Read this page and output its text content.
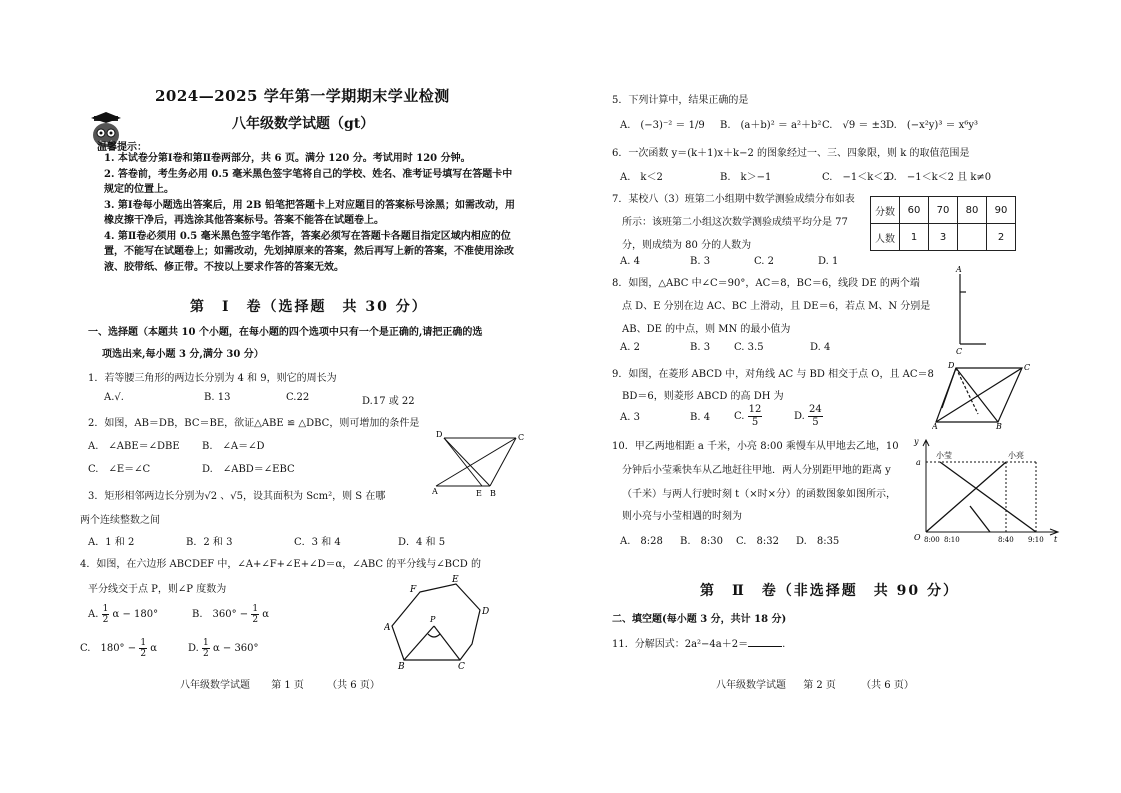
2024—2025 学年第一学期期末学业检测
八年级数学试题（gt）
温馨提示：
1. 本试卷分第Ⅰ卷和第Ⅱ卷两部分，共 6 页。满分 120 分。考试用时 120 分钟。
2. 答卷前，考生务必用 0.5 毫米黑色签字笔将自己的学校、姓名、准考证号填写在答题卡中规定的位置上。
3. 第Ⅰ卷每小题选出答案后，用 2B 铅笔把答题卡上对应题目的答案标号涂黑；如需改动，用橡皮擦干净后，再选涂其他答案标号。答案不能答在试题卷上。
4. 第Ⅱ卷必须用 0.5 毫米黑色签字笔作答，答案必须写在答题卡各题目指定区域内相应的位置，不能写在试题卷上；如需改动，先划掉原来的答案，然后再写上新的答案，不准使用涂改液、胶带纸、修正带。不按以上要求作答的答案无效。
第　Ⅰ　卷（选择题　共 30 分）
一、选择题（本题共 10 个小题，在每小题的四个选项中只有一个是正确的,请把正确的选
项选出来,每小题 3 分,满分 30 分）
1．若等腰三角形的两边长分别为 4 和 9，则它的周长为
A.√.	B. 13	C.22	D.17 或 22
2．如图，AB＝DB，BC＝BE，欲证△ABE ≌ △DBC，则可增加的条件是
A.　∠ABE＝∠DBE B.　∠A＝∠D
C.　∠E＝∠C	D.　∠ABD＝∠EBC
D	C
A	E B
3．矩形相邻两边长分别为√2 、√5，设其面积为 Scm²，则 S 在哪
两个连续整数之间
A．1 和 2	B．2 和 3	C．3 和 4	D．4 和 5
4．如图，在六边形 ABCDEF 中，∠A+∠F+∠E+∠D＝α，∠ABC 的平分线与∠BCD 的
平分线交于点 P，则∠P 度数为
A. $\frac{1}{2}$ α − 180°	B.　$360^\circ - \frac{1}{2}$ α
C.　$180^\circ - \frac{1}{2}$ α	D. $\frac{1}{2}$ α − 360°
F
E
D
P
A
B	C
八年级数学试题 第 1 页 （共 6 页）
5．下列计算中，结果正确的是
A.　(−3)⁻² ＝ 1/9 B.　(a＋b)² ＝ a²＋b² C.　√9 ＝ ±3 D.　(−x²y)³ ＝ x⁶y³
6．一次函数 y＝(k＋1)x＋k−2 的图象经过一、三、四象限，则 k 的取值范围是
A.　k＜2	B.　k＞−1	C.　−1＜k＜2
D.　−1＜k＜2 且 k≠0
7．某校八（3）班第二小组期中数学测验成绩分布如表
所示：该班第二小组这次数学测验成绩平均分是 77
分，则成绩为 80 分的人数为
A. 4	B. 3	C. 2	D. 1
分数	60	70	80	90
人数	1	3		2
8．如图，△ABC 中∠C＝90°，AC＝8，BC＝6，线段 DE 的两个端
点 D、E 分别在边 AC、BC 上滑动，且 DE＝6，若点 M、N 分别是
AB、DE 的中点，则 MN 的最小值为
A. 2	B. 3 C. 3.5	D. 4
A
C
9．如图，在菱形 ABCD 中，对角线 AC 与 BD 相交于点 O，且 AC＝8
BD＝6，则菱形 ABCD 的高 DH 为
A. 3	B. 4 C. $\frac{12}{5}$	D. $\frac{24}{5}$
D	C
A	B
10．甲乙两地相距 a 千米，小亮 8:00 乘慢车从甲地去乙地，10
分钟后小莹乘快车从乙地赶往甲地．两人分别距甲地的距离 y
（千米）与两人行驶时刻 t（×时×分）的函数图象如图所示，
则小亮与小莹相遇的时刻为
A.　8:28 B.　8:30 C.　8:32 D.　8:35
y
a
O	t
小莹	小亮
8:00 8:10	8:40 9:10
第　Ⅱ　卷（非选择题　共 90 分）
二、填空题(每小题 3 分，共计 18 分)
11．分解因式：2a²−4a＋2＝	.
八年级数学试题 第 2 页	（共 6 页）
